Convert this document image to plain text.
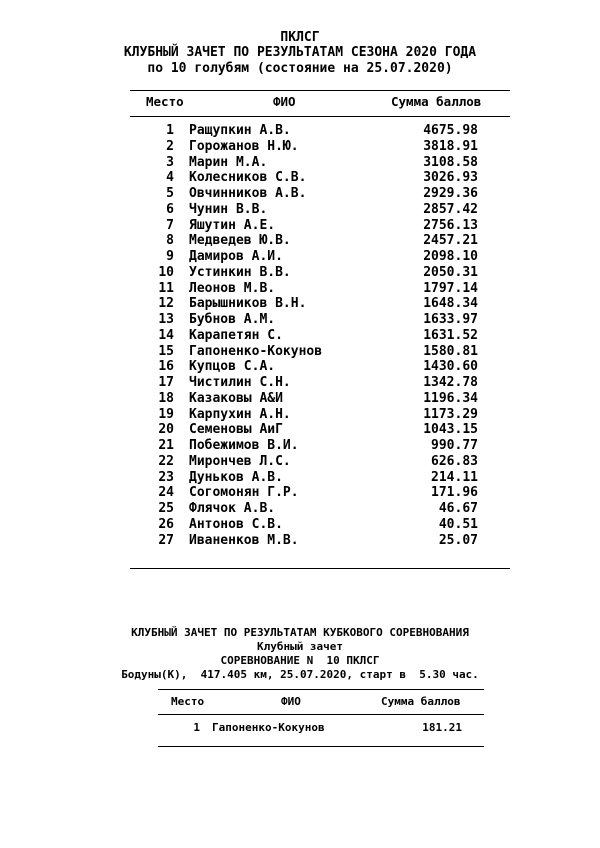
ПКЛСГ
КЛУБНЫЙ ЗАЧЕТ ПО РЕЗУЛЬТАТАМ СЕЗОНА 2020 ГОДА
по 10 голубям (состояние на 25.07.2020)
Место	ФИО	Сумма баллов
1 Ращупкин А.В.	4675.98
2 Горожанов Н.Ю.	3818.91
3 Марин М.А.	3108.58
4 Колесников С.В.	3026.93
5 Овчинников А.В.	2929.36
6 Чунин В.В.	2857.42
7 Яшутин А.Е.	2756.13
8 Медведев Ю.В.	2457.21
9 Дамиров А.И.	2098.10
10 Устинкин В.В.	2050.31
11 Леонов М.В.	1797.14
12 Барышников В.Н.	1648.34
13 Бубнов А.М.	1633.97
14 Карапетян С.	1631.52
15 Гапоненко-Кокунов	1580.81
16 Купцов С.А.	1430.60
17 Чистилин С.Н.	1342.78
18 Казаковы А&И	1196.34
19 Карпухин А.Н.	1173.29
20 Семеновы АиГ	1043.15
21 Побежимов В.И.	990.77
22 Мирончев Л.С.	626.83
23 Дуньков А.В.	214.11
24 Согомонян Г.Р.	171.96
25 Флячок А.В.	46.67
26 Антонов С.В.	40.51
27 Иваненков М.В.	25.07
КЛУБНЫЙ ЗАЧЕТ ПО РЕЗУЛЬТАТАМ КУБКОВОГО СОРЕВНОВАНИЯ
Клубный зачет
СОРЕВНОВАНИЕ N  10 ПКЛСГ
Бодуны(К),  417.405 км, 25.07.2020, старт в  5.30 час.
Место	ФИО	Сумма баллов
1 Гапоненко-Кокунов	181.21
